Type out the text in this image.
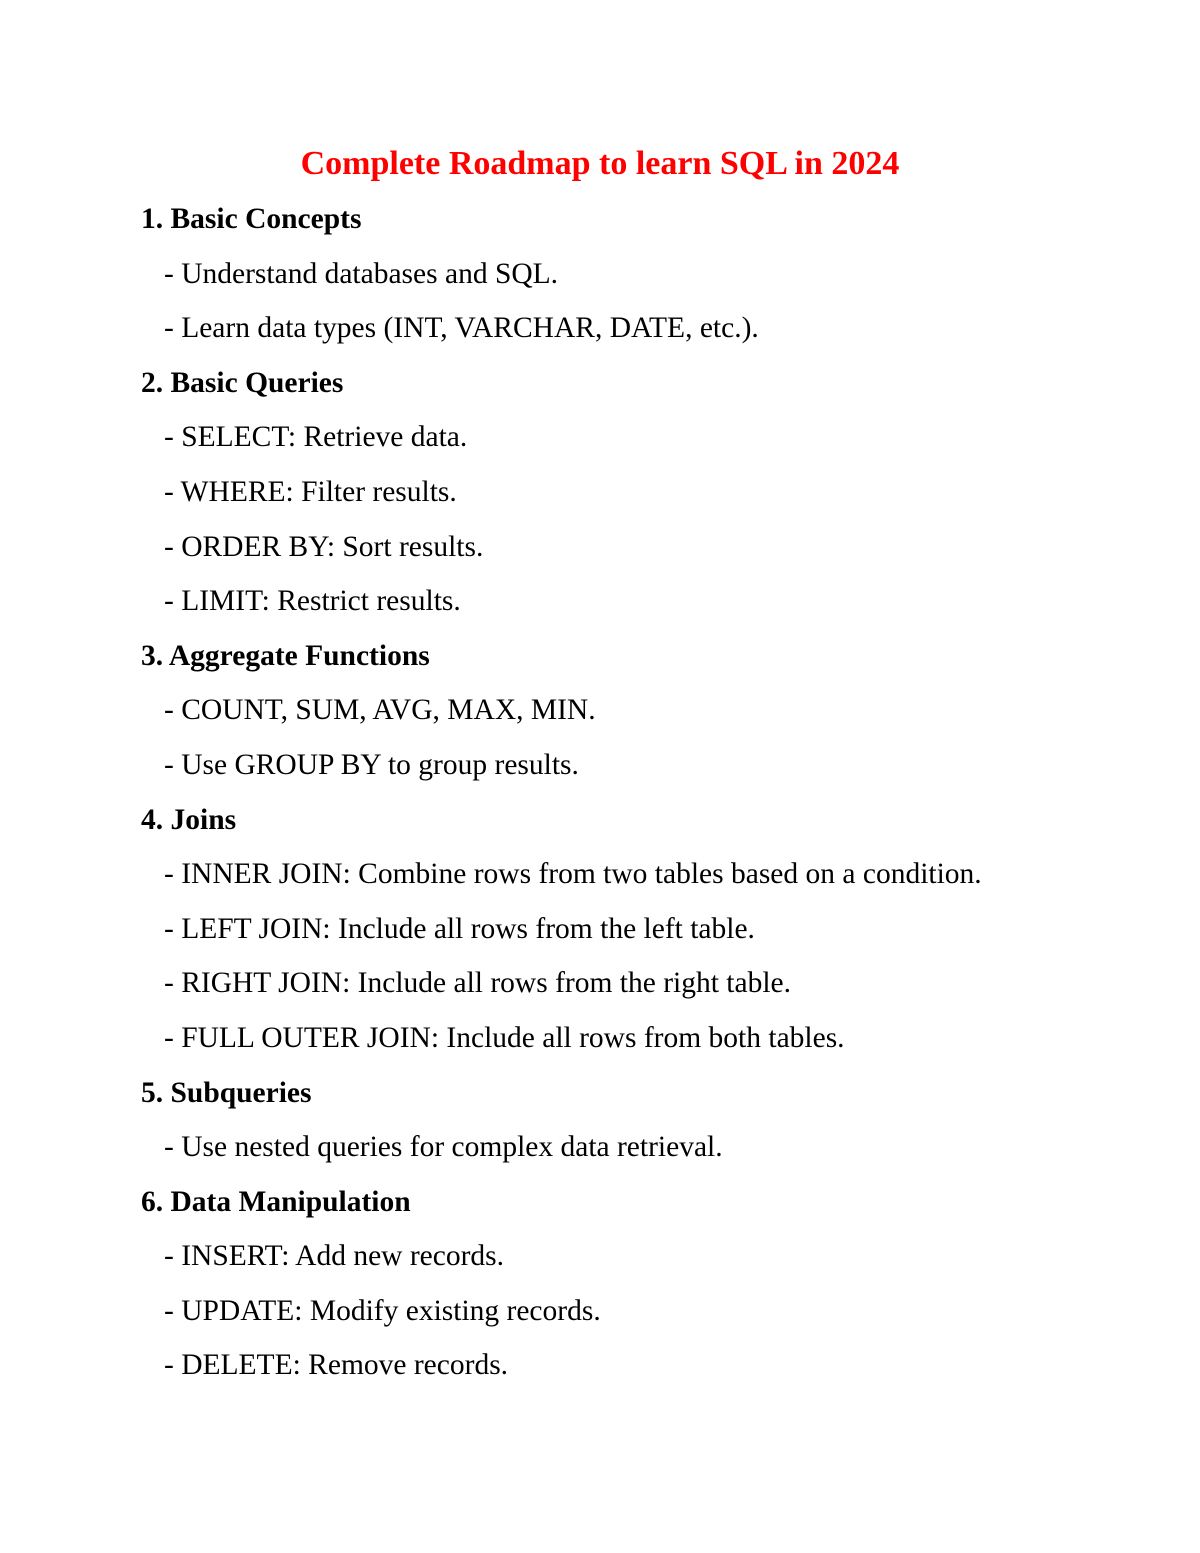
Complete Roadmap to learn SQL in 2024
1. Basic Concepts
- Understand databases and SQL.
- Learn data types (INT, VARCHAR, DATE, etc.).
2. Basic Queries
- SELECT: Retrieve data.
- WHERE: Filter results.
- ORDER BY: Sort results.
- LIMIT: Restrict results.
3. Aggregate Functions
- COUNT, SUM, AVG, MAX, MIN.
- Use GROUP BY to group results.
4. Joins
- INNER JOIN: Combine rows from two tables based on a condition.
- LEFT JOIN: Include all rows from the left table.
- RIGHT JOIN: Include all rows from the right table.
- FULL OUTER JOIN: Include all rows from both tables.
5. Subqueries
- Use nested queries for complex data retrieval.
6. Data Manipulation
- INSERT: Add new records.
- UPDATE: Modify existing records.
- DELETE: Remove records.
